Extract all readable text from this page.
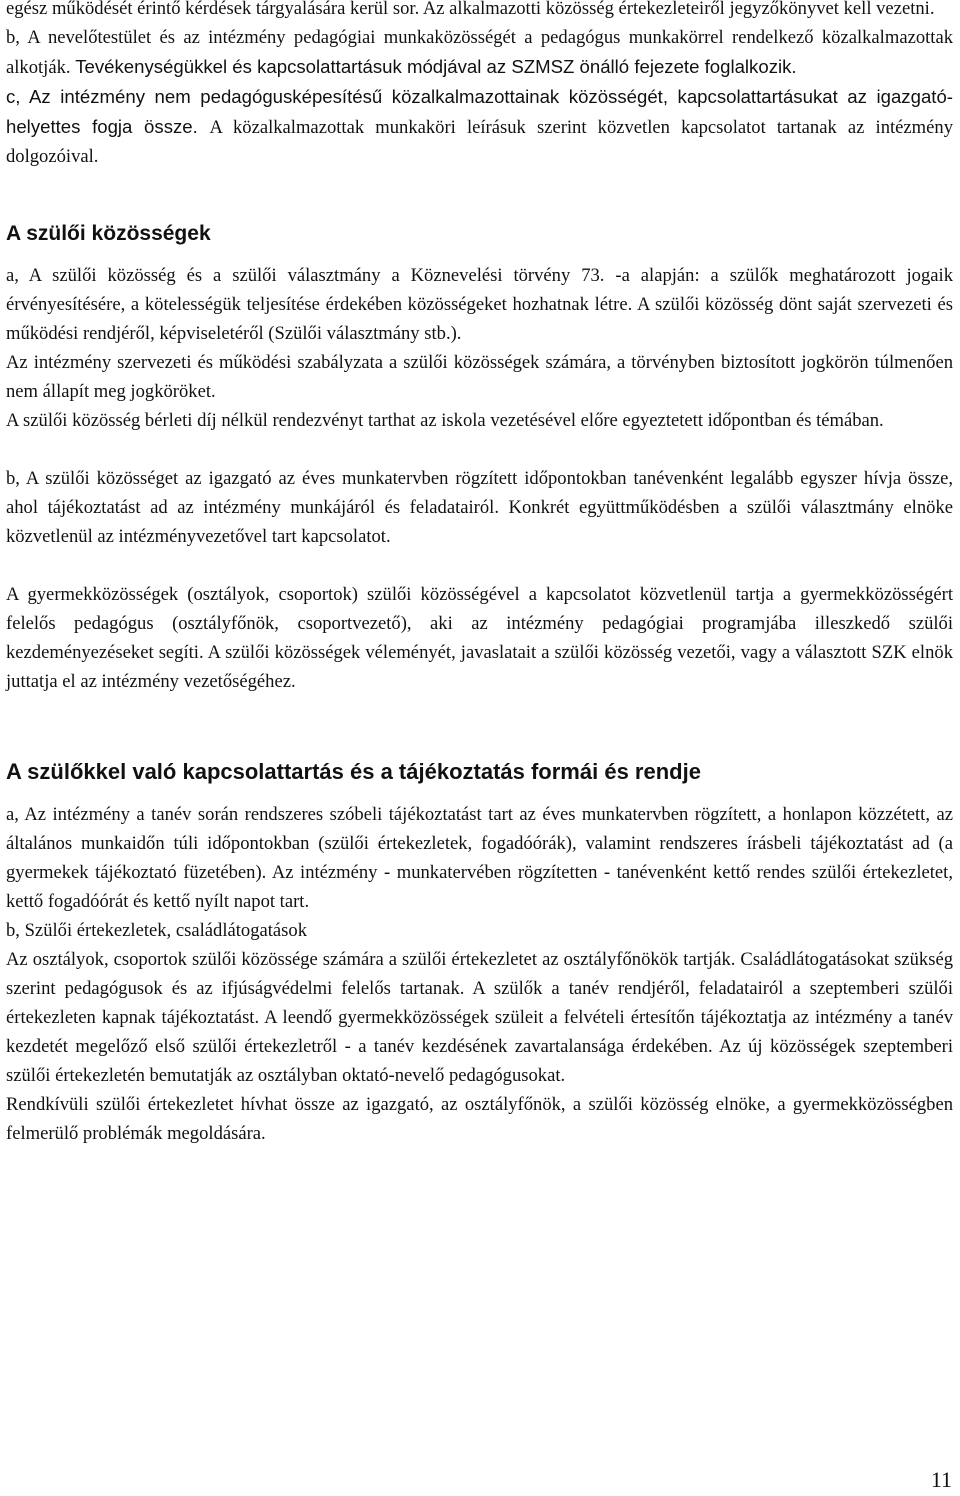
egész működését érintő kérdések tárgyalására kerül sor. Az alkalmazotti közösség értekezleteiről jegyzőkönyvet kell vezetni.

b, A nevelőtestület és az intézmény pedagógiai munkaközösségét a pedagógus munkakörrel rendelkező közalkalmazottak alkotják. Tevékenységükkel és kapcsolattartásuk módjával az SZMSZ önálló fejezete foglalkozik.

c, Az intézmény nem pedagógusképesítésű közalkalmazottainak közösségét, kapcsolattartásukat az igazgató-helyettes fogja össze. A közalkalmazottak munkaköri leírásuk szerint közvetlen kapcsolatot tartanak az intézmény dolgozóival.

A szülői közösségek

a, A szülői közösség és a szülői választmány a Köznevelési törvény 73. -a alapján: a szülők meghatározott jogaik érvényesítésére, a kötelességük teljesítése érdekében közösségeket hozhatnak létre. A szülői közösség dönt saját szervezeti és működési rendjéről, képviseletéről (Szülői választmány stb.).

Az intézmény szervezeti és működési szabályzata a szülői közösségek számára, a törvényben biztosított jogkörön túlmenően nem állapít meg jogköröket.

A szülői közösség bérleti díj nélkül rendezvényt tarthat az iskola vezetésével előre egyeztetett időpontban és témában.

b, A szülői közösséget az igazgató az éves munkatervben rögzített időpontokban tanévenként legalább egyszer hívja össze, ahol tájékoztatást ad az intézmény munkájáról és feladatairól. Konkrét együttműködésben a szülői választmány elnöke közvetlenül az intézményvezetővel tart kapcsolatot.

A gyermekközösségek (osztályok, csoportok) szülői közösségével a kapcsolatot közvetlenül tartja a gyermekközösségért felelős pedagógus (osztályfőnök, csoportvezető), aki az intézmény pedagógiai programjába illeszkedő szülői kezdeményezéseket segíti. A szülői közösségek véleményét, javaslatait a szülői közösség vezetői, vagy a választott SZK elnök juttatja el az intézmény vezetőségéhez.

A szülőkkel való kapcsolattartás és a tájékoztatás formái és rendje

a, Az intézmény a tanév során rendszeres szóbeli tájékoztatást tart az éves munkatervben rögzített, a honlapon közzétett, az általános munkaidőn túli időpontokban (szülői értekezletek, fogadóórák), valamint rendszeres írásbeli tájékoztatást ad (a gyermekek tájékoztató füzetében). Az intézmény - munkatervében rögzítetten - tanévenként kettő rendes szülői értekezletet, kettő fogadóórát és kettő nyílt napot tart.

b, Szülői értekezletek, családlátogatások

Az osztályok, csoportok szülői közössége számára a szülői értekezletet az osztályfőnökök tartják. Családlátogatásokat szükség szerint pedagógusok és az ifjúságvédelmi felelős tartanak. A szülők a tanév rendjéről, feladatairól a szeptemberi szülői értekezleten kapnak tájékoztatást. A leendő gyermekközösségek szüleit a felvételi értesítőn tájékoztatja az intézmény a tanév kezdetét megelőző első szülői értekezletről - a tanév kezdésének zavartalansága érdekében. Az új közösségek szeptemberi szülői értekezletén bemutatják az osztályban oktató-nevelő pedagógusokat.

Rendkívüli szülői értekezletet hívhat össze az igazgató, az osztályfőnök, a szülői közösség elnöke, a gyermekközösségben felmerülő problémák megoldására.

11
